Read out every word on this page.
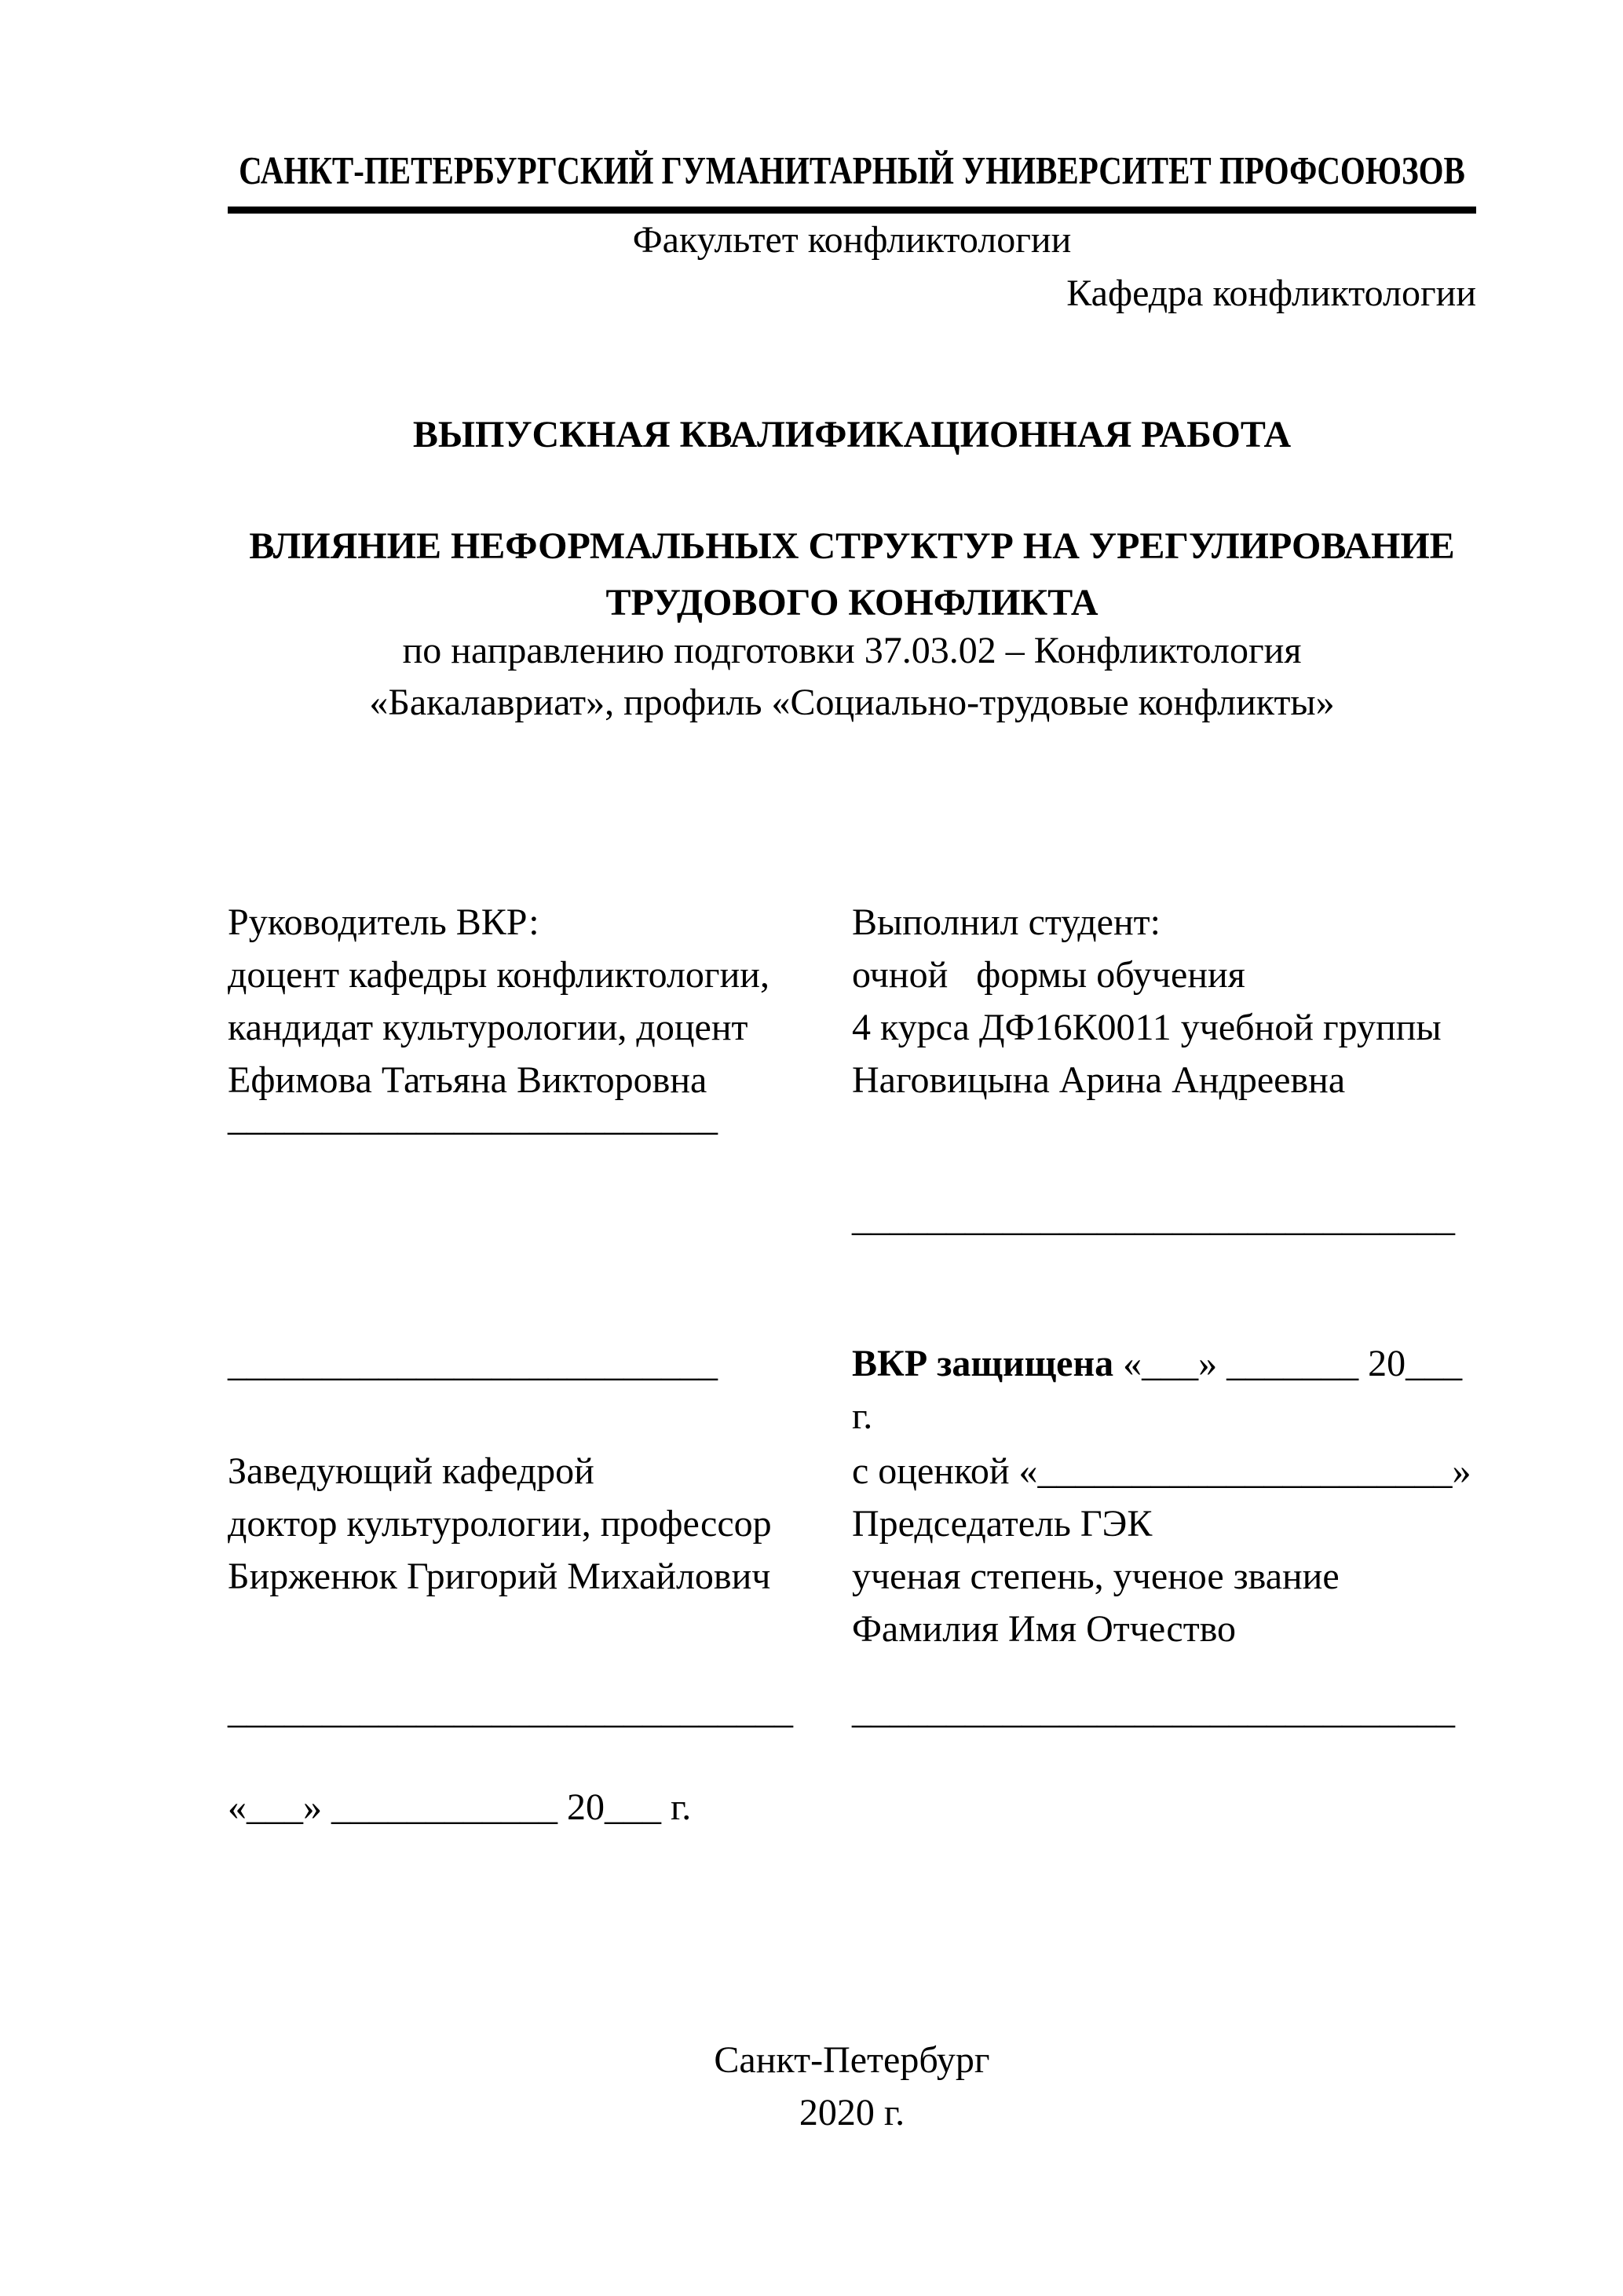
САНКТ-ПЕТЕРБУРГСКИЙ ГУМАНИТАРНЫЙ УНИВЕРСИТЕТ ПРОФСОЮЗОВ
Факультет конфликтологии
Кафедра конфликтологии
ВЫПУСКНАЯ КВАЛИФИКАЦИОННАЯ РАБОТА
ВЛИЯНИЕ НЕФОРМАЛЬНЫХ СТРУКТУР НА УРЕГУЛИРОВАНИЕ
ТРУДОВОГО КОНФЛИКТА
по направлению подготовки 37.03.02 – Конфликтология
«Бакалавриат», профиль «Социально-трудовые конфликты»
Руководитель ВКР:
доцент кафедры конфликтологии,
кандидат культурологии, доцент
Ефимова Татьяна Викторовна
__________________________
Выполнил студент:
очной   формы обучения
4 курса ДФ16К0011 учебной группы
Наговицына Арина Андреевна
________________________________
__________________________	ВКР защищена «___» _______ 20___ г.
Заведующий кафедрой
доктор культурологии, профессор
Бирженюк Григорий Михайлович
с оценкой «______________________»
Председатель ГЭК
ученая степень, ученое звание
Фамилия Имя Отчество
______________________________	________________________________
«___» ____________ 20___ г.
Санкт-Петербург
2020 г.
